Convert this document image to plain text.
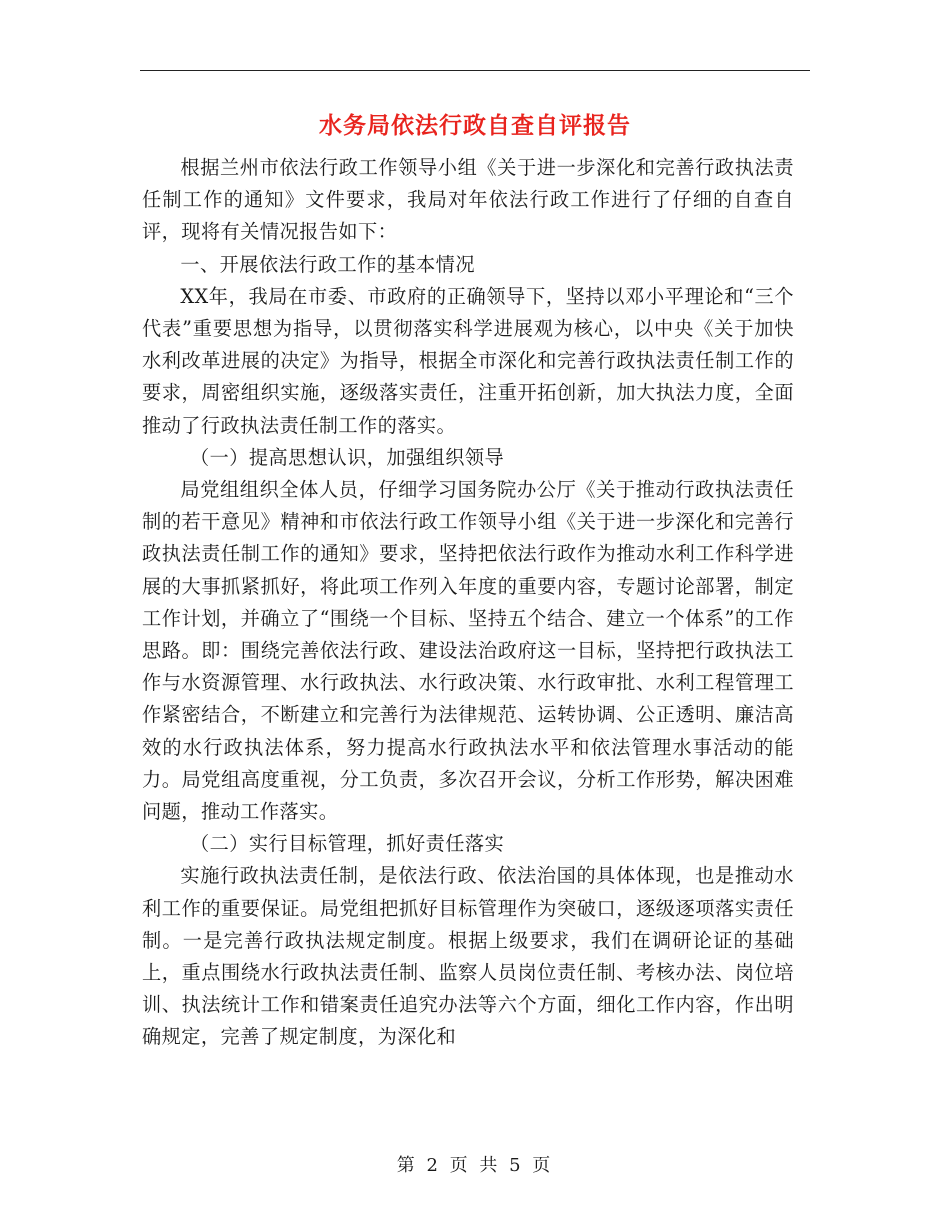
水务局依法行政自查自评报告

根据兰州市依法行政工作领导小组《关于进一步深化和完善行政执法责任制工作的通知》文件要求，我局对年依法行政工作进行了仔细的自查自评，现将有关情况报告如下：

一、开展依法行政工作的基本情况

XX年，我局在市委、市政府的正确领导下，坚持以邓小平理论和“三个代表”重要思想为指导，以贯彻落实科学进展观为核心，以中央《关于加快水利改革进展的决定》为指导，根据全市深化和完善行政执法责任制工作的要求，周密组织实施，逐级落实责任，注重开拓创新，加大执法力度，全面推动了行政执法责任制工作的落实。

（一）提高思想认识，加强组织领导

局党组组织全体人员，仔细学习国务院办公厅《关于推动行政执法责任制的若干意见》精神和市依法行政工作领导小组《关于进一步深化和完善行政执法责任制工作的通知》要求，坚持把依法行政作为推动水利工作科学进展的大事抓紧抓好，将此项工作列入年度的重要内容，专题讨论部署，制定工作计划，并确立了“围绕一个目标、坚持五个结合、建立一个体系”的工作思路。即：围绕完善依法行政、建设法治政府这一目标，坚持把行政执法工作与水资源管理、水行政执法、水行政决策、水行政审批、水利工程管理工作紧密结合，不断建立和完善行为法律规范、运转协调、公正透明、廉洁高效的水行政执法体系，努力提高水行政执法水平和依法管理水事活动的能力。局党组高度重视，分工负责，多次召开会议，分析工作形势，解决困难问题，推动工作落实。

（二）实行目标管理，抓好责任落实

实施行政执法责任制，是依法行政、依法治国的具体体现，也是推动水利工作的重要保证。局党组把抓好目标管理作为突破口，逐级逐项落实责任制。一是完善行政执法规定制度。根据上级要求，我们在调研论证的基础上，重点围绕水行政执法责任制、监察人员岗位责任制、考核办法、岗位培训、执法统计工作和错案责任追究办法等六个方面，细化工作内容，作出明确规定，完善了规定制度，为深化和

第 2 页 共 5 页
